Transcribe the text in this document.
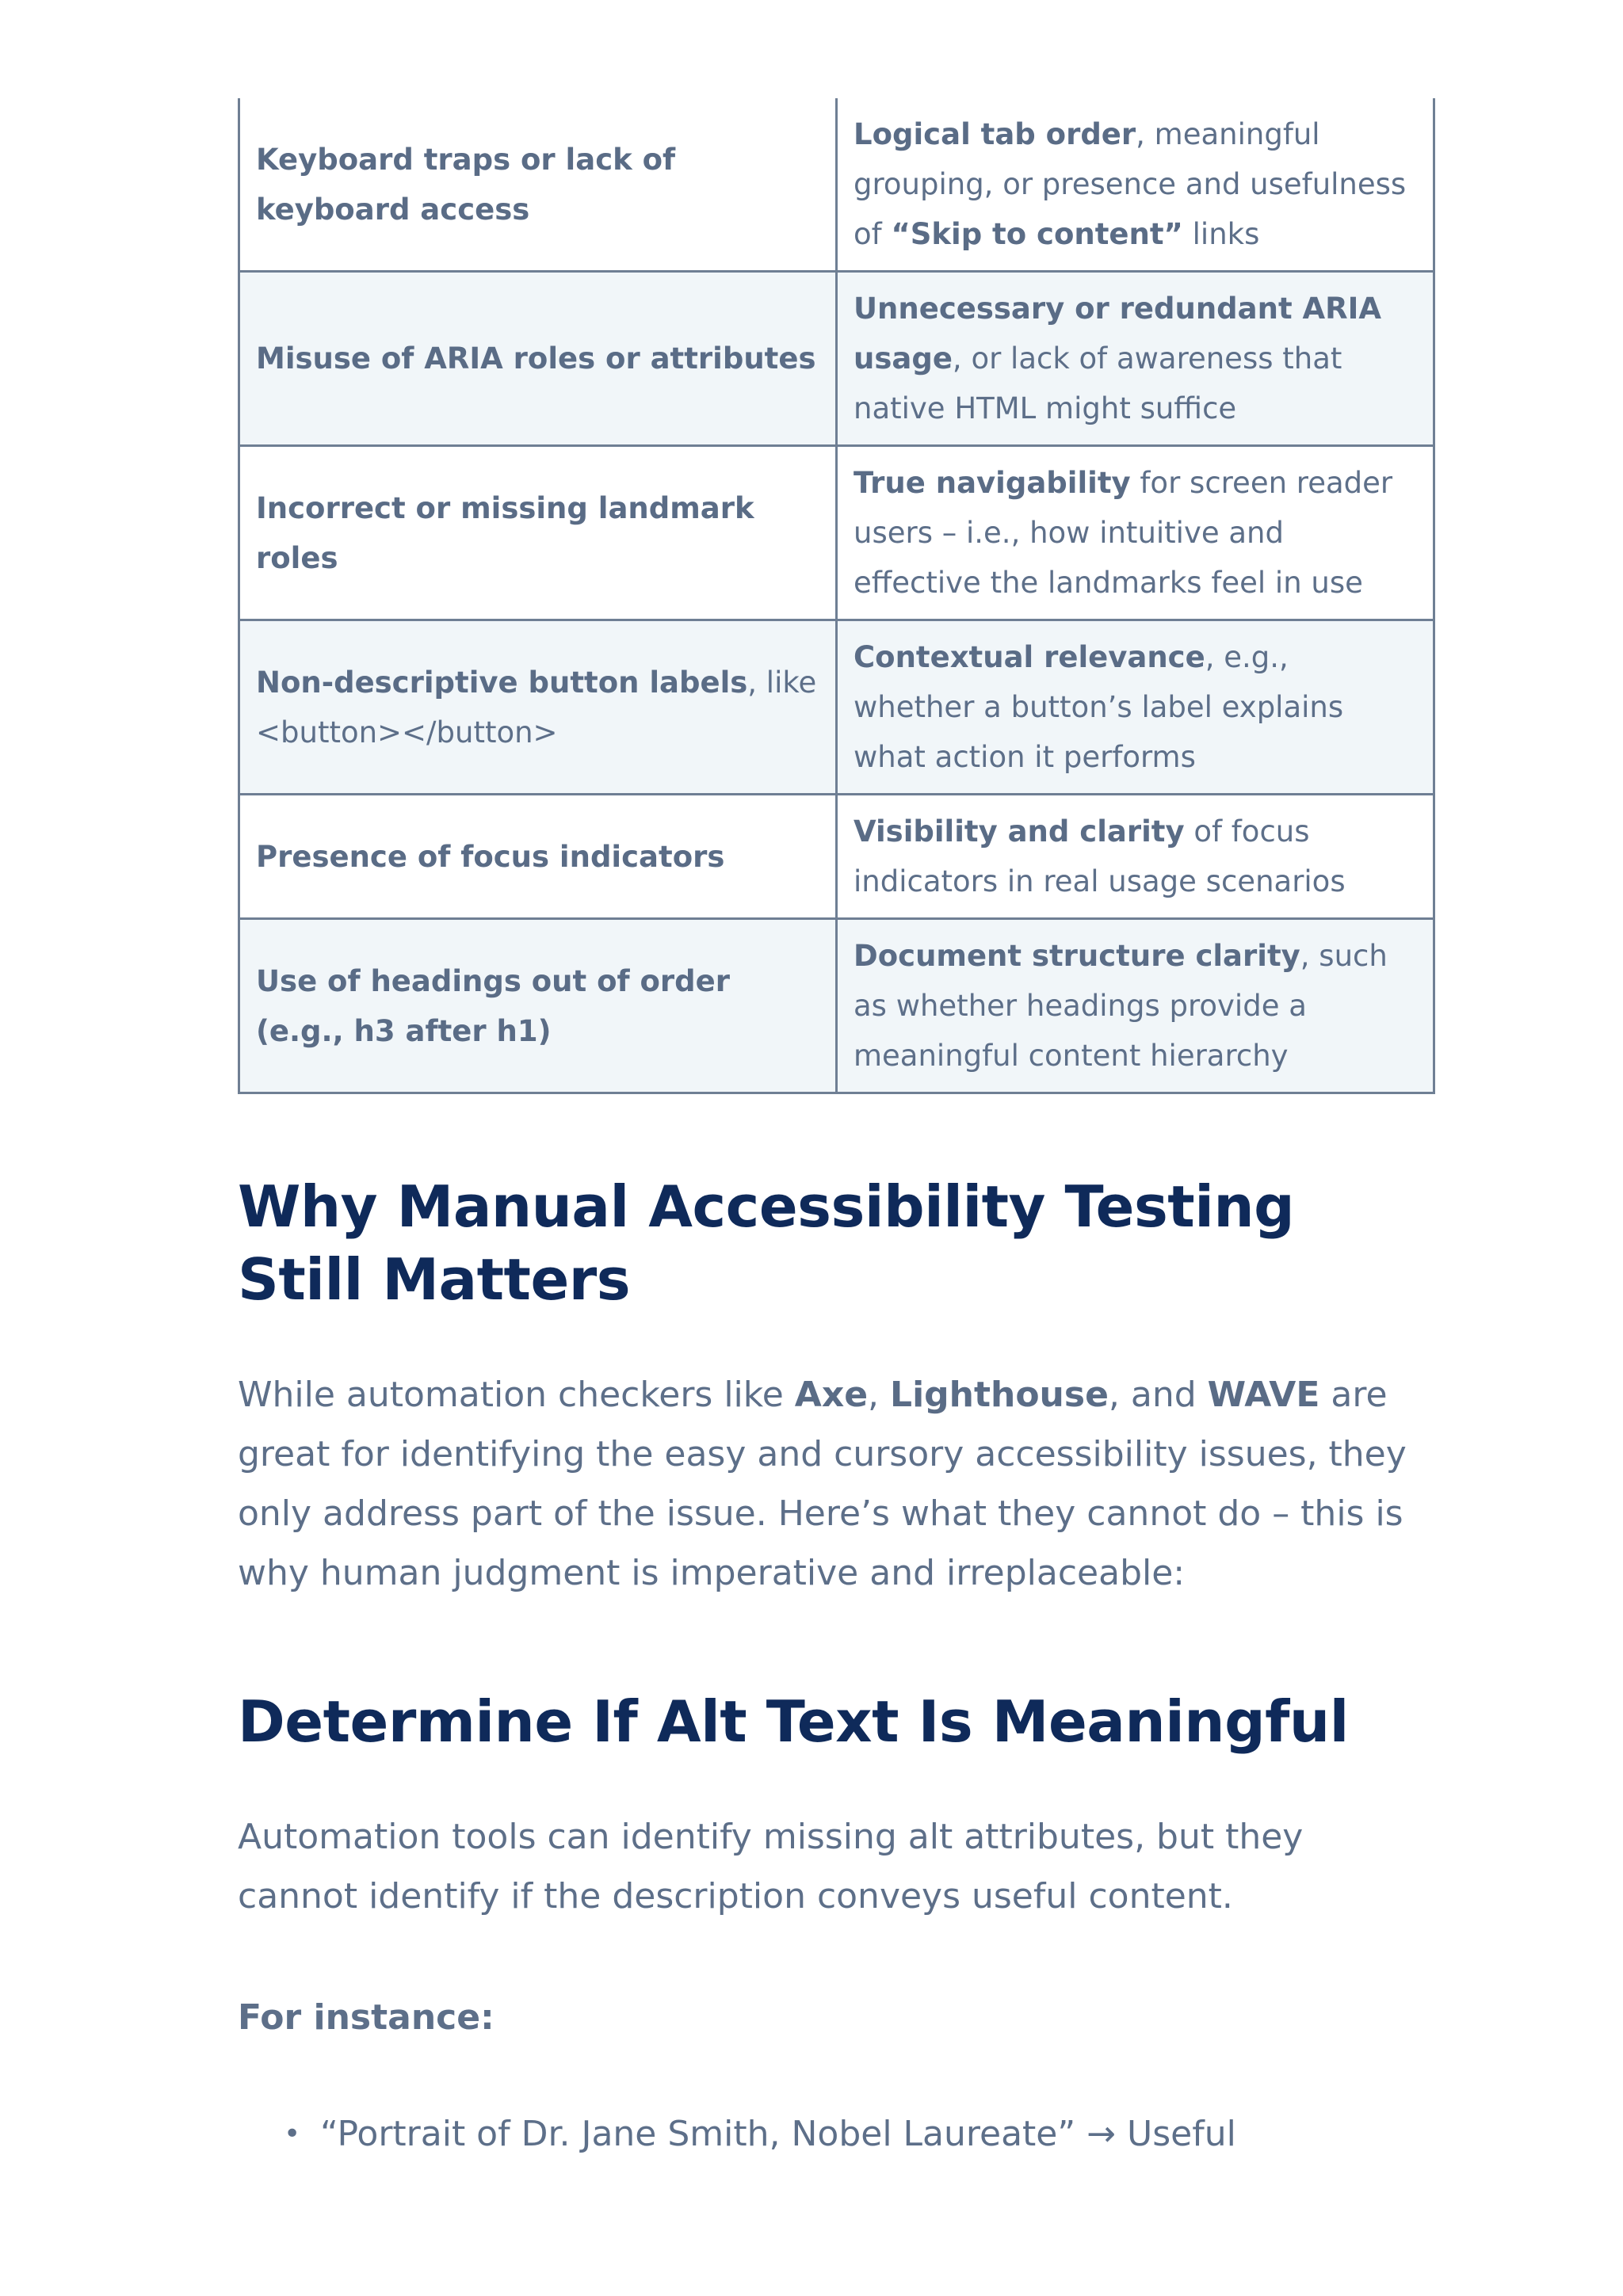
Keyboard traps or lack of keyboard access	Logical tab order, meaningful grouping, or presence and usefulness of “Skip to content” links
Misuse of ARIA roles or attributes	Unnecessary or redundant ARIA usage, or lack of awareness that native HTML might suffice
Incorrect or missing landmark roles	True navigability for screen reader users – i.e., how intuitive and effective the landmarks feel in use
Non-descriptive button labels, like <button></button>	Contextual relevance, e.g., whether a button’s label explains what action it performs
Presence of focus indicators	Visibility and clarity of focus indicators in real usage scenarios
Use of headings out of order (e.g., h3 after h1)	Document structure clarity, such as whether headings provide a meaningful content hierarchy
Why Manual Accessibility Testing Still Matters

While automation checkers like Axe, Lighthouse, and WAVE are great for identifying the easy and cursory accessibility issues, they only address part of the issue. Here’s what they cannot do – this is why human judgment is imperative and irreplaceable:

Determine If Alt Text Is Meaningful

Automation tools can identify missing alt attributes, but they cannot identify if the description conveys useful content.

For instance:

• “Portrait of Dr. Jane Smith, Nobel Laureate” → Useful
